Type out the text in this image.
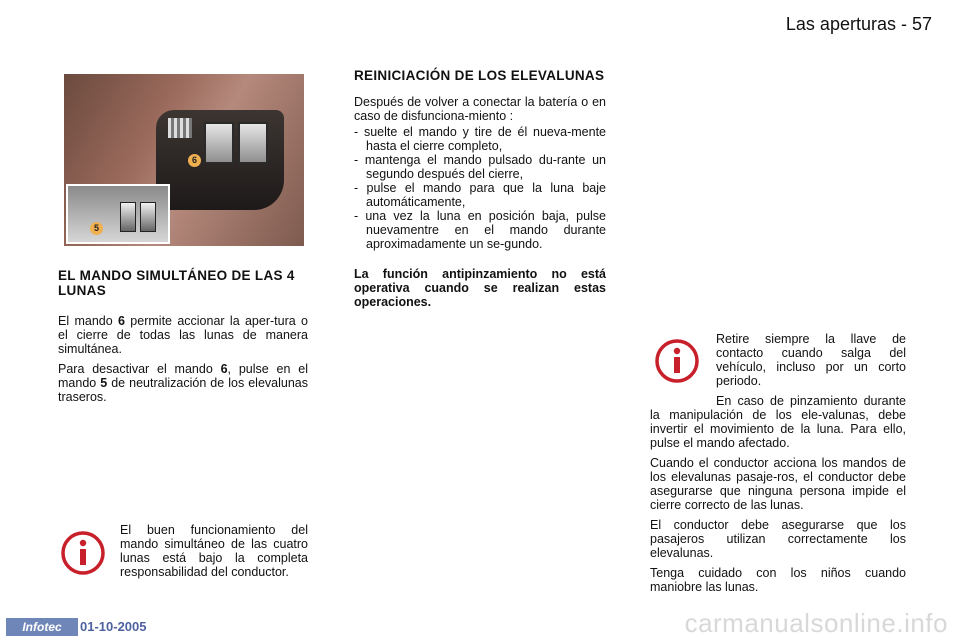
Las aperturas - 57
6
5
EL MANDO SIMULTÁNEO DE LAS 4 LUNAS

El mando 6 permite accionar la aper-tura o el cierre de todas las lunas de manera simultánea.

Para desactivar el mando 6, pulse en el mando 5 de neutralización de los elevalunas traseros.

El buen funcionamiento del mando simultáneo de las cuatro lunas está bajo la completa responsabilidad del conductor.

REINICIACIÓN DE LOS ELEVALUNAS

Después de volver a conectar la batería o en caso de disfunciona-miento :

- suelte el mando y tire de él nueva-mente hasta el cierre completo,
- mantenga el mando pulsado du-rante un segundo después del cierre,
- pulse el mando para que la luna baje automáticamente,
- una vez la luna en posición baja, pulse nuevamentre en el mando durante aproximadamente un se-gundo.

La función antipinzamiento no está operativa cuando se realizan estas operaciones.

Retire siempre la llave de contacto cuando salga del vehículo, incluso por un corto periodo.

En caso de pinzamiento durante la manipulación de los ele-valunas, debe invertir el movimiento de la luna. Para ello, pulse el mando afectado.

Cuando el conductor acciona los mandos de los elevalunas pasaje-ros, el conductor debe asegurarse que ninguna persona impide el cierre correcto de las lunas.

El conductor debe asegurarse que los pasajeros utilizan correctamente los elevalunas.

Tenga cuidado con los niños cuando maniobre las lunas.

Infotec	01-10-2005	carmanualsonline.info
